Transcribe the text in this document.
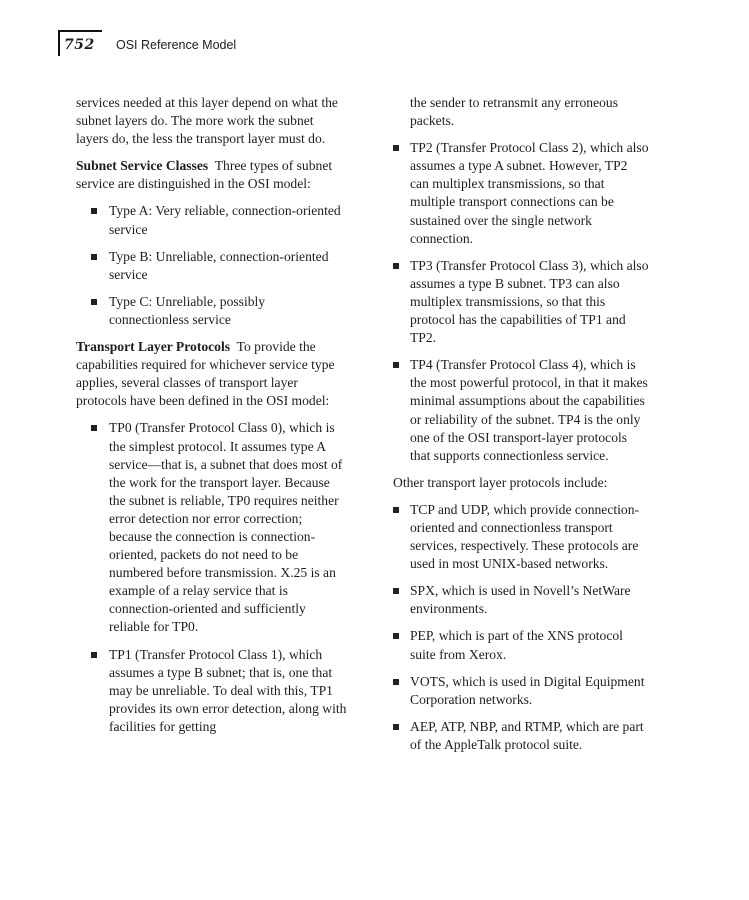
752 OSI Reference Model

services needed at this layer depend on what the subnet layers do. The more work the subnet layers do, the less the transport layer must do.

Subnet Service Classes Three types of subnet service are distinguished in the OSI model:

Type A: Very reliable, connection-oriented service
Type B: Unreliable, connection-oriented service
Type C: Unreliable, possibly connectionless service

Transport Layer Protocols To provide the capabilities required for whichever service type applies, several classes of transport layer protocols have been defined in the OSI model:

TP0 (Transfer Protocol Class 0), which is the simplest protocol. It assumes type A service—that is, a subnet that does most of the work for the transport layer. Because the subnet is reliable, TP0 requires neither error detection nor error correction; because the connection is connection-oriented, packets do not need to be numbered before transmission. X.25 is an example of a relay service that is connection-oriented and sufficiently reliable for TP0.
TP1 (Transfer Protocol Class 1), which assumes a type B subnet; that is, one that may be unreliable. To deal with this, TP1 provides its own error detection, along with facilities for getting

the sender to retransmit any erroneous packets.

TP2 (Transfer Protocol Class 2), which also assumes a type A subnet. However, TP2 can multiplex transmissions, so that multiple transport connections can be sustained over the single network connection.
TP3 (Transfer Protocol Class 3), which also assumes a type B subnet. TP3 can also multiplex transmissions, so that this protocol has the capabilities of TP1 and TP2.
TP4 (Transfer Protocol Class 4), which is the most powerful protocol, in that it makes minimal assumptions about the capabilities or reliability of the subnet. TP4 is the only one of the OSI transport-layer protocols that supports connectionless service.

Other transport layer protocols include:

TCP and UDP, which provide connection-oriented and connectionless transport services, respectively. These protocols are used in most UNIX-based networks.
SPX, which is used in Novell’s NetWare environments.
PEP, which is part of the XNS protocol suite from Xerox.
VOTS, which is used in Digital Equipment Corporation networks.
AEP, ATP, NBP, and RTMP, which are part of the AppleTalk protocol suite.
